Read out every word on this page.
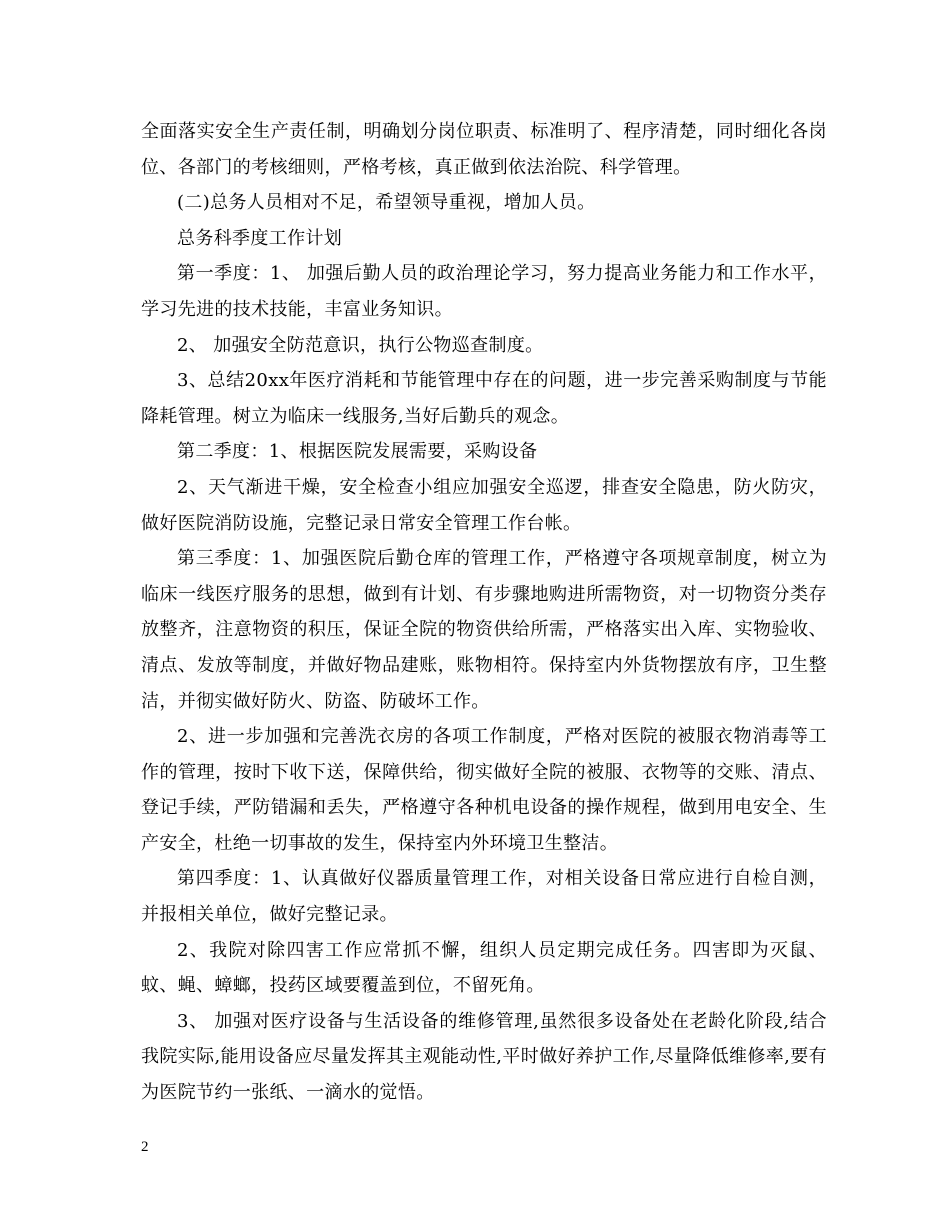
全面落实安全生产责任制，明确划分岗位职责、标准明了、程序清楚，同时细化各岗位、各部门的考核细则，严格考核，真正做到依法治院、科学管理。

(二)总务人员相对不足，希望领导重视，增加人员。

总务科季度工作计划

第一季度：1、 加强后勤人员的政治理论学习，努力提高业务能力和工作水平，学习先进的技术技能，丰富业务知识。

2、 加强安全防范意识，执行公物巡查制度。

3、总结20xx年医疗消耗和节能管理中存在的问题，进一步完善采购制度与节能降耗管理。树立为临床一线服务,当好后勤兵的观念。

第二季度：1、根据医院发展需要，采购设备

2、天气渐进干燥，安全检查小组应加强安全巡逻，排查安全隐患，防火防灾，做好医院消防设施，完整记录日常安全管理工作台帐。

第三季度：1、加强医院后勤仓库的管理工作，严格遵守各项规章制度，树立为临床一线医疗服务的思想，做到有计划、有步骤地购进所需物资，对一切物资分类存放整齐，注意物资的积压，保证全院的物资供给所需，严格落实出入库、实物验收、清点、发放等制度，并做好物品建账，账物相符。保持室内外货物摆放有序，卫生整洁，并彻实做好防火、防盗、防破坏工作。

2、进一步加强和完善洗衣房的各项工作制度，严格对医院的被服衣物消毒等工作的管理，按时下收下送，保障供给，彻实做好全院的被服、衣物等的交账、清点、登记手续，严防错漏和丢失，严格遵守各种机电设备的操作规程，做到用电安全、生产安全，杜绝一切事故的发生，保持室内外环境卫生整洁。

第四季度：1、认真做好仪器质量管理工作，对相关设备日常应进行自检自测，并报相关单位，做好完整记录。

2、我院对除四害工作应常抓不懈，组织人员定期完成任务。四害即为灭鼠、蚊、蝇、蟑螂，投药区域要覆盖到位，不留死角。

3、 加强对医疗设备与生活设备的维修管理,虽然很多设备处在老龄化阶段,结合我院实际,能用设备应尽量发挥其主观能动性,平时做好养护工作,尽量降低维修率,要有为医院节约一张纸、一滴水的觉悟。

2
